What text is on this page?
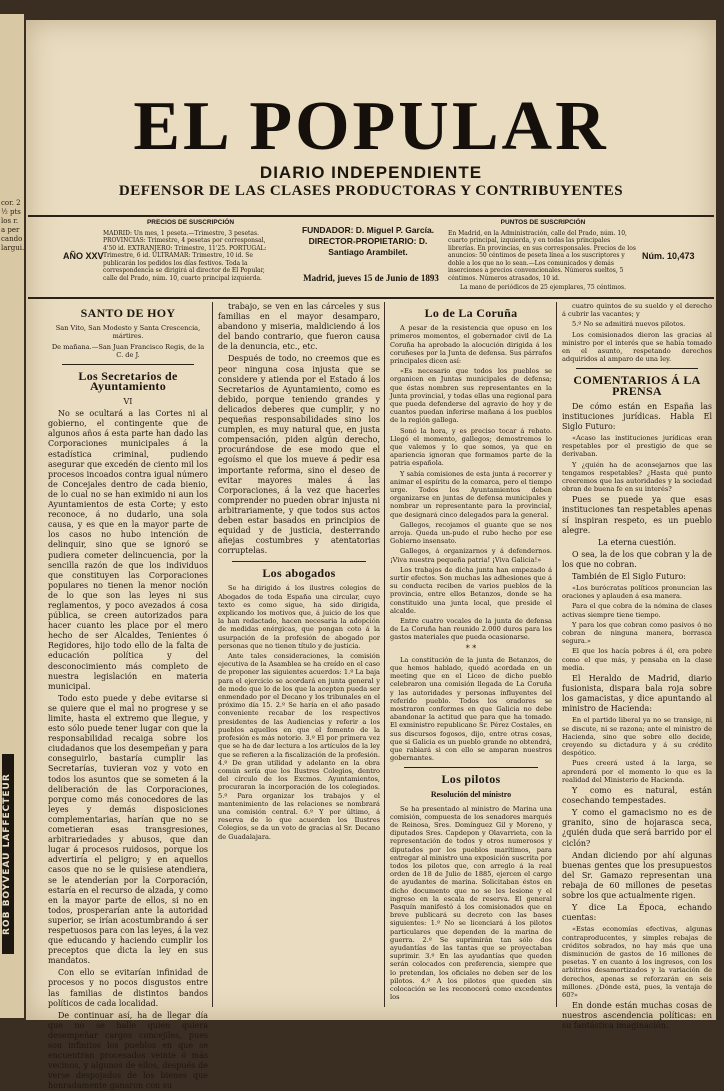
cor. 2 ½ pts los r. a per cando largui.
ROB BOYVEAU LAFFECTEUR
EL POPULAR
DIARIO INDEPENDIENTE
DEFENSOR DE LAS CLASES PRODUCTORAS Y CONTRIBUYENTES
AÑO XXV
PRECIOS DE SUSCRIPCIÓN
MADRID: Un mes, 1 peseta.—Trimestre, 3 pesetas. PROVINCIAS: Trimestre, 4 pesetas por corresponsal, 4'50 id. EXTRANJERO: Trimestre, 11'25. PORTUGAL: Trimestre, 6 id. ULTRAMAR: Trimestre, 10 id. Se publicarán los pedidos los días festivos. Toda la correspondencia se dirigirá al director de El Popular, calle del Prado, núm. 10, cuarto principal izquierda.
FUNDADOR: D. Miguel P. García.
DIRECTOR-PROPIETARIO: D. Santiago Arambilet.
PUNTOS DE SUSCRIPCIÓN
En Madrid, en la Administración, calle del Prado, núm. 10, cuarto principal, izquierda, y en todas las principales librerías. En provincias, en sus corresponsales. Precios de los anuncios: 50 céntimos de peseta línea a los suscriptores y doble a los que no lo sean.—Los comunicados y demás inserciones a precios convencionales. Números sueltos, 5 céntimos. Números atrasados, 10 id.
La mano de periódicos de 25 ejemplares, 75 céntimos.
Núm. 10,473
Madrid, jueves 15 de Junio de 1893
SANTO DE HOY

San Vito, San Modesto y Santa Crescencia, mártires.

De mañana.—San Juan Francisco Regis, de la C. de J.

Los Secretarios de Ayuntamiento

VI

No se ocultará a las Cortes ni al gobierno, el contingente que de algunos años á esta parte han dado las Corporaciones municipales á la estadística criminal, pudiendo asegurar que excedén de ciento mil los procesos incoados contra igual número de Concejales dentro de cada bienio, de lo cual no se han eximido ni aun los Ayuntamientos de esta Corte; y esto reconoce, á no dudarlo, una sola causa, y es que en la mayor parte de los casos no hubo intención de delinquir, sino que se ignoró se pudiera cometer delincuencia, por la sencilla razón de que los individuos que constituyen las Corporaciones populares no tienen la menor noción de lo que son las leyes ni sus reglamentos, y poco avezados á cosa pública, se creen autorizados para hacer cuanto les place por el mero hecho de ser Alcaldes, Tenientes ó Regidores, hijo todo ello de la falta de educación política y del desconocimiento más completo de nuestra legislación en materia municipal.

Todo esto puede y debe evitarse si se quiere que el mal no progrese y se limite, hasta el extremo que llegue, y esto sólo puede tener lugar con que la responsabilidad recaiga sobre los ciudadanos que los desempeñan y para conseguirlo, bastaría cumplir las Secretarías, tuvieran voz y voto en todos los asuntos que se someten á la deliberación de las Corporaciones, porque como más conocedores de las leyes y demás disposiciones complementarias, harían que no se cometieran esas transgresiones, arbitrariedades y abusos, que dan lugar á procesos ruidosos, porque los advertiría el peligro; y en aquellos casos que no se le quisiese atendiera, se le atenderían por la Corporación, estaría en el recurso de alzada, y como en la mayor parte de ellos, si no en todos, prosperarían ante la autoridad superior, se irían acostumbrando á ser respetuosos para con las leyes, á la vez que educando y haciendo cumplir los preceptos que dicta la ley en sus mandatos.

Con ello se evitarían infinidad de procesos y no pocos disgustos entre las familias de distintos bandos políticos de cada localidad.

De continuar así, ha de llegar día que no se halle quien quiera desempeñar cargos concejiles, pues son infinitos los pueblos en que se encuentran procesados veinte ó más vecinos, y algunos de ellos, después de verse despojados de los bienes que honradamente ganaron con su

trabajo, se ven en las cárceles y sus familias en el mayor desamparo, abandono y miseria, maldiciendo á los del bando contrario, que fueron causa de la denuncia, etc., etc.

Después de todo, no creemos que es peor ninguna cosa injusta que se considere y atienda por el Estado á los Secretarios de Ayuntamiento, como es debido, porque teniendo grandes y delicados deberes que cumplir, y no pequeñas responsabilidades sino los cumplen, es muy natural que, en justa compensación, piden algún derecho, procurándose de ese modo que el egoísmo el que los mueve á pedir esa importante reforma, sino el deseo de evitar mayores males á las Corporaciones, á la vez que hacerles comprender no pueden obrar injusta ni arbitrariamente, y que todos sus actos deben estar basados en principios de equidad y de justicia, desterrando añejas costumbres y atentatorias corruptelas.

Los abogados

Se ha dirigido á los ilustres colegios de Abogados de toda España una circular, cuyo texto es como sigue, ha sido dirigida, explicando los motivos que, á juicio de los que la han redactado, hacen necesaria la adopción de medidas enérgicas, que pongan coto á la usurpación de la profesión de abogado por personas que no tienen título y de justicia.

Ante tales consideraciones, la comisión ejecutiva de la Asamblea se ha creído en el caso de proponer las siguientes acuerdos: 1.º La baja para el ejercicio se acordará en junta general y de modo que lo de los que la acepten pueda ser enmendado por el Decano y los tribunales en el próximo día 15. 2.º Se haría en el año pasado conveniente recabar de los respectivos presidentes de las Audiencias y referir a los pueblos aquellos en que el fomento de la profesión es más notorio. 3.º El por primera vez que se ha de dar lectura a los artículos de la ley que se refieren a la fiscalización de la profesión. 4.º De gran utilidad y adelanto en la obra común sería que los Ilustres Colegios, dentro del círculo de los Excmos. Ayuntamientos, procuraran la incorporación de los colegiados. 5.º Para organizar los trabajos y el mantenimiento de las relaciones se nombrará una comisión central. 6.º Y por último, á reserva de lo que acuerden los Ilustres Colegios, se da un voto de gracias al Sr. Decano de Guadalajara.

Lo de La Coruña

A pesar de la resistencia que opuso en los primeros momentos, el gobernador civil de La Coruña ha aprobado la alocución dirigida á los coruñeses por la Junta de defensa. Sus párrafos principales dicen así:

«Es necesario que todos los pueblos se organicen en Juntas municipales de defensa; que éstas nombren sus representantes en la Junta provincial, y todas ellas una regional para que pueda defenderse del agravio de hoy y de cuantos puedan inferirse mañana á los pueblos de la región gallega.

Sonó la hora, y es preciso tocar á rebato. Llegó el momento, gallegos; demostremos lo que valemos y lo que somos, ya que en apariencia ignoran que formamos parte de la patria española.

Y sabía comisiones de esta junta á recorrer y animar el espíritu de la comarca, pero el tiempo urge. Todos los Ayuntamientos deben organizarse en juntas de defensa municipales y nombrar un representante para la provincial, que designará cinco delegados para la general.

Gallegos, recojamos el guante que se nos arroja. Queda un-pudo el rubo hecho por ese Gobierno insensato.

Gallegos, á organizarnos y á defendernos. ¡Viva nuestra pequeña patria! ¡Viva Galicia!»

Los trabajos de dicha junta han empezado á surtir efectos. Son muchas las adhesiones que á su conducta reciben de varios pueblos de la provincia, entre ellos Betanzos, donde se ha constituido una junta local, que preside el alcalde.

Entre cuatro vocales de la junta de defensa de La Coruña han reunido 2.000 duros para los gastos materiales que pueda ocasionarse.

* *

La constitución de la junta de Betanzos, de que hemos hablado, quedó acordada en un meeting que en el Liceo de dicho pueblo celebraron una comisión llegada de La Coruña y las autoridades y personas influyentes del referido pueblo. Todos los oradores se mostraron conformes en que Galicia no debe abandonar la actitud que para que ha tomado. El exministro republicano Sr. Pérez Costales, en sus discursos fogosos, dijo, entre otras cosas, que si Galicia es un pueblo grande no obtendrá, que rabiará si con ello se amparan nuestros gobernantes.

Los pilotos
Resolución del ministro

Se ha presentado al ministro de Marina una comisión, compuesta de los senadores marqués de Reinosa, Sres. Domínguez Gil y Moreno, y diputados Sres. Capdepon y Olavarrieta, con la representación de todos y otros numerosos y diputados por los pueblos marítimos, para entregar al ministro una exposición suscrita por todos los pilotos que, con arreglo á la real orden de 18 de Julio de 1885, ejercen el cargo de ayudantes de marina. Solicitaban éstos en dicho documento que no se les lesione y el ingreso en la escala de reserva. El general Pasquín manifestó á los comisionados que en breve publicará su decreto con las bases siguientes: 1.º No se licenciará á los pilotos particulares que dependen de la marina de guerra. 2.º Se suprimirán tan sólo dos ayudantías de las tantas que se proyectaban suprimir. 3.º En las ayudantías que queden serán colocados con preferencia, siempre que lo pretendan, los oficiales no deben ser de los pilotos. 4.º A los pilotos que queden sin colocación se les reconocerá como excedentes los

cuatro quintos de su sueldo y el derecho á cubrir las vacantes; y

5.º No se admitirá nuevos pilotos.

Los comisionados dieron las gracias al ministro por el interés que se había tomado en el asunto, respetando derechos adquiridos al amparo de una ley.

COMENTARIOS Á LA PRENSA

De cómo están en España las instituciones jurídicas. Habla El Siglo Futuro:

«Acaso las instituciones jurídicas eran respetables por el prestigio de que se derivaban.

Y ¿quién ha de aconsejarnos que las tengamos respetables? ¿Hasta qué punto creeremos que las autoridades y la sociedad obran de buena fe en su interés?

Pues se puede ya que esas instituciones tan respetables apenas sí inspiran respeto, es un pueblo alegre.

La eterna cuestión.

O sea, la de los que cobran y la de los que no cobran.

También de El Siglo Futuro:

«Los burócratas políticos pronuncian las oraciones y aplauden á esa manera.

Para el que cobra de la nómina de clases activas siempre tiene tiempo.

Y para los que cobran como pasivos ó no cobran de ninguna manera, borrasca segura.»

El que los hacía pobres á él, era pobre como el que más, y pensaba en la clase media.

El Heraldo de Madrid, diario fusionista, dispara bala roja sobre los gamacistas, y dice apuntando al ministro de Hacienda:

En el partido liberal ya no se transige, ni se discute, ni se razona; ante el ministro de Hacienda, sino que sobre ello decide, creyendo su dictadura y á su crédito despótico.

Pues creerá usted á la larga, se aprenderá por el momento lo que es la realidad del Ministerio de Hacienda.

Y como es natural, están cosechando tempestades.

Y como el gamacismo no es de granito, sino de hojarasca seca, ¿quién duda que será barrido por el ciclón?

Andan diciendo por ahí algunas buenas gentes que los presupuestos del Sr. Gamazo representan una rebaja de 60 millones de pesetas sobre los que actualmente rigen.

Y dice La Época, echando cuentas:

«Estas economías efectivas, algunas contraproducentes, y simples rebajas de créditos sobrados, no hay más que una disminución de gastos de 16 millones de pesetas. Y en cuanto á los ingresos, con los arbitrios desamortizados y la variación de derechos, apenas se reforzarán en seis millones. ¿Dónde está, pues, la ventaja de 60?»

En donde están muchas cosas de nuestros ascendencia políticas: en su fantástica imaginación.
